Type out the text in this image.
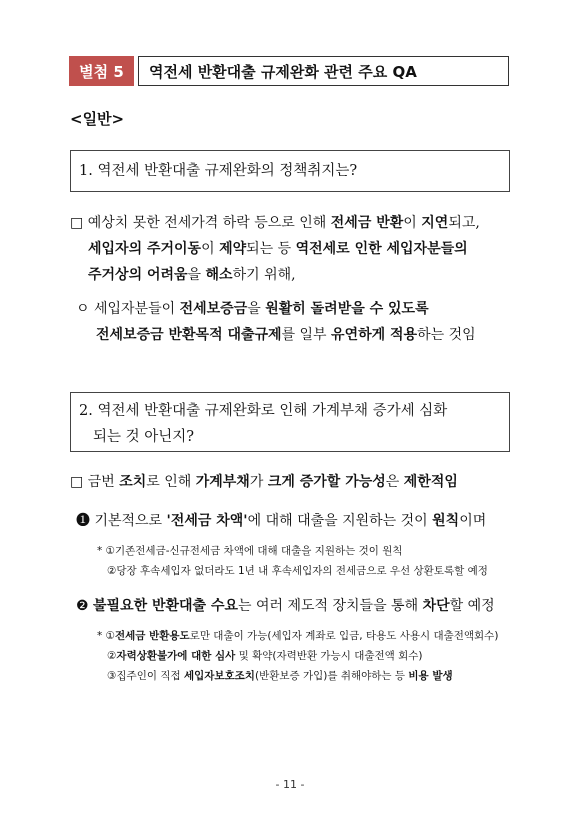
별첨 5	역전세 반환대출 규제완화 관련 주요 QA
<일반>
1. 역전세 반환대출 규제완화의 정책취지는?
□ 예상치 못한 전세가격 하락 등으로 인해 전세금 반환이 지연되고,
세입자의 주거이동이 제약되는 등 역전세로 인한 세입자분들의
주거상의 어려움을 해소하기 위해,
ㅇ 세입자분들이 전세보증금을 원활히 돌려받을 수 있도록
전세보증금 반환목적 대출규제를 일부 유연하게 적용하는 것임
2. 역전세 반환대출 규제완화로 인해 가계부채 증가세 심화
되는 것 아닌지?
□ 금번 조치로 인해 가계부채가 크게 증가할 가능성은 제한적임
❶ 기본적으로 '전세금 차액'에 대해 대출을 지원하는 것이 원칙이며
* ①기존전세금-신규전세금 차액에 대해 대출을 지원하는 것이 원칙
②당장 후속세입자 없더라도 1년 내 후속세입자의 전세금으로 우선 상환토록할 예정
❷ 불필요한 반환대출 수요는 여러 제도적 장치들을 통해 차단할 예정
* ①전세금 반환용도로만 대출이 가능(세입자 계좌로 입금, 타용도 사용시 대출전액회수)
②자력상환불가에 대한 심사 및 확약(자력반환 가능시 대출전액 회수)
③집주인이 직접 세입자보호조치(반환보증 가입)를 취해야하는 등 비용 발생
- 11 -
